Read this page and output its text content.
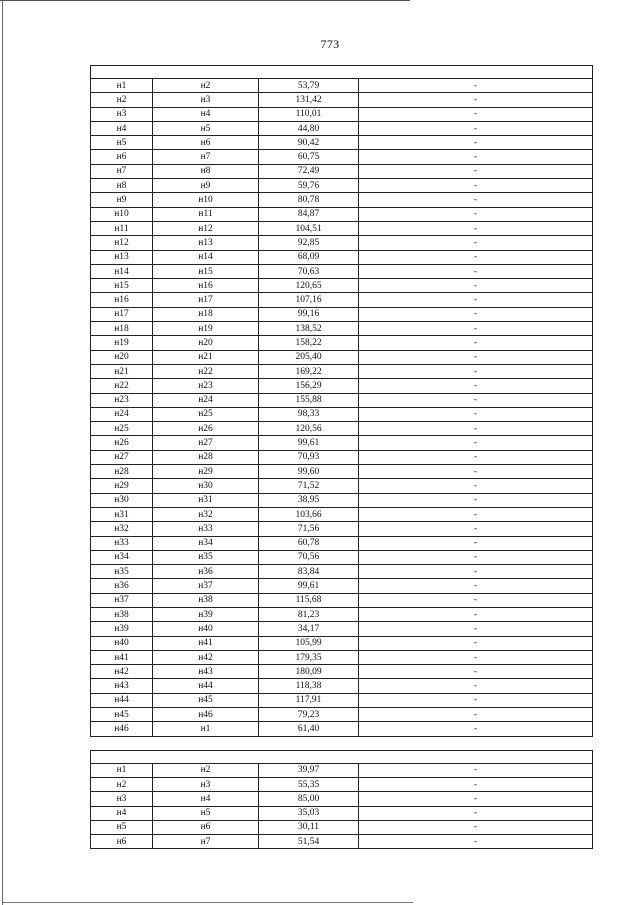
773

н1	н2	53,79	-
н2	н3	131,42	-
н3	н4	110,01	-
н4	н5	44,80	-
н5	н6	90,42	-
н6	н7	60,75	-
н7	н8	72,49	-
н8	н9	59,76	-
н9	н10	80,78	-
н10	н11	84,87	-
н11	н12	104,51	-
н12	н13	92,85	-
н13	н14	68,09	-
н14	н15	70,63	-
н15	н16	120,65	-
н16	н17	107,16	-
н17	н18	99,16	-
н18	н19	138,52	-
н19	н20	158,22	-
н20	н21	205,40	-
н21	н22	169,22	-
н22	н23	156,29	-
н23	н24	155,88	-
н24	н25	98,33	-
н25	н26	120,56	-
н26	н27	99,61	-
н27	н28	70,93	-
н28	н29	99,60	-
н29	н30	71,52	-
н30	н31	38,95	-
н31	н32	103,66	-
н32	н33	71,56	-
н33	н34	60,78	-
н34	н35	70,56	-
н35	н36	83,84	-
н36	н37	99,61	-
н37	н38	115,68	-
н38	н39	81,23	-
н39	н40	34,17	-
н40	н41	105,99	-
н41	н42	179,35	-
н42	н43	180,09	-
н43	н44	118,38	-
н44	н45	117,91	-
н45	н46	79,23	-
н46	н1	61,40	-

н1	н2	39,97	-
н2	н3	55,35	-
н3	н4	85,00	-
н4	н5	35,03	-
н5	н6	30,11	-
н6	н7	51,54	-
